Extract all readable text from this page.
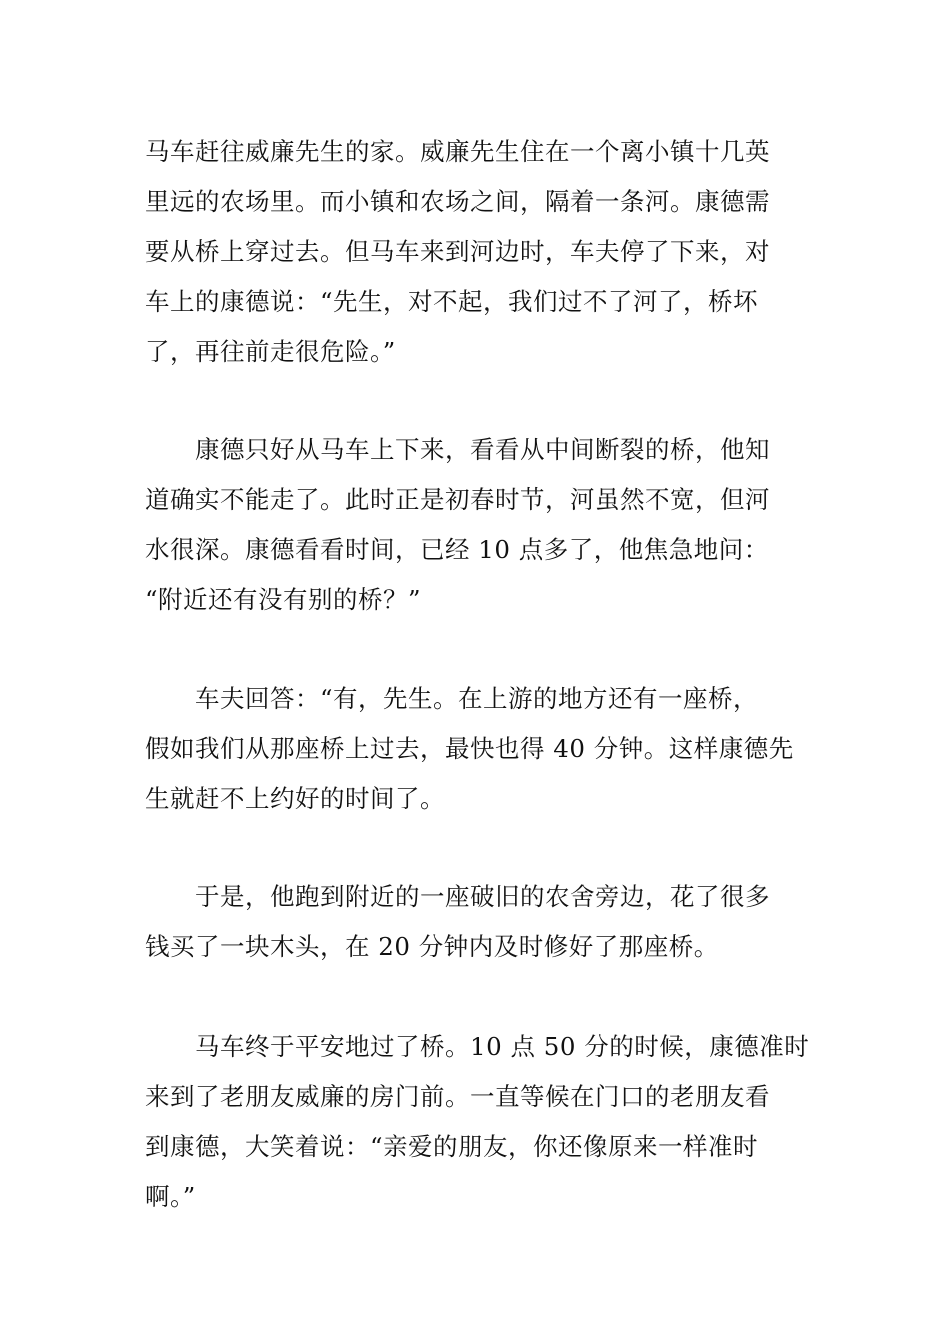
马车赶往威廉先生的家。威廉先生住在一个离小镇十几英
里远的农场里。而小镇和农场之间，隔着一条河。康德需
要从桥上穿过去。但马车来到河边时，车夫停了下来，对
车上的康德说：“先生，对不起，我们过不了河了，桥坏
了，再往前走很危险。”
　　康德只好从马车上下来，看看从中间断裂的桥，他知
道确实不能走了。此时正是初春时节，河虽然不宽，但河
水很深。康德看看时间，已经 10 点多了，他焦急地问：
“附近还有没有别的桥？”
　　车夫回答：“有，先生。在上游的地方还有一座桥，
假如我们从那座桥上过去，最快也得 40 分钟。这样康德先
生就赶不上约好的时间了。
　　于是，他跑到附近的一座破旧的农舍旁边，花了很多
钱买了一块木头，在 20 分钟内及时修好了那座桥。
　　马车终于平安地过了桥。10 点 50 分的时候，康德准时
来到了老朋友威廉的房门前。一直等候在门口的老朋友看
到康德，大笑着说：“亲爱的朋友，你还像原来一样准时
啊。”
